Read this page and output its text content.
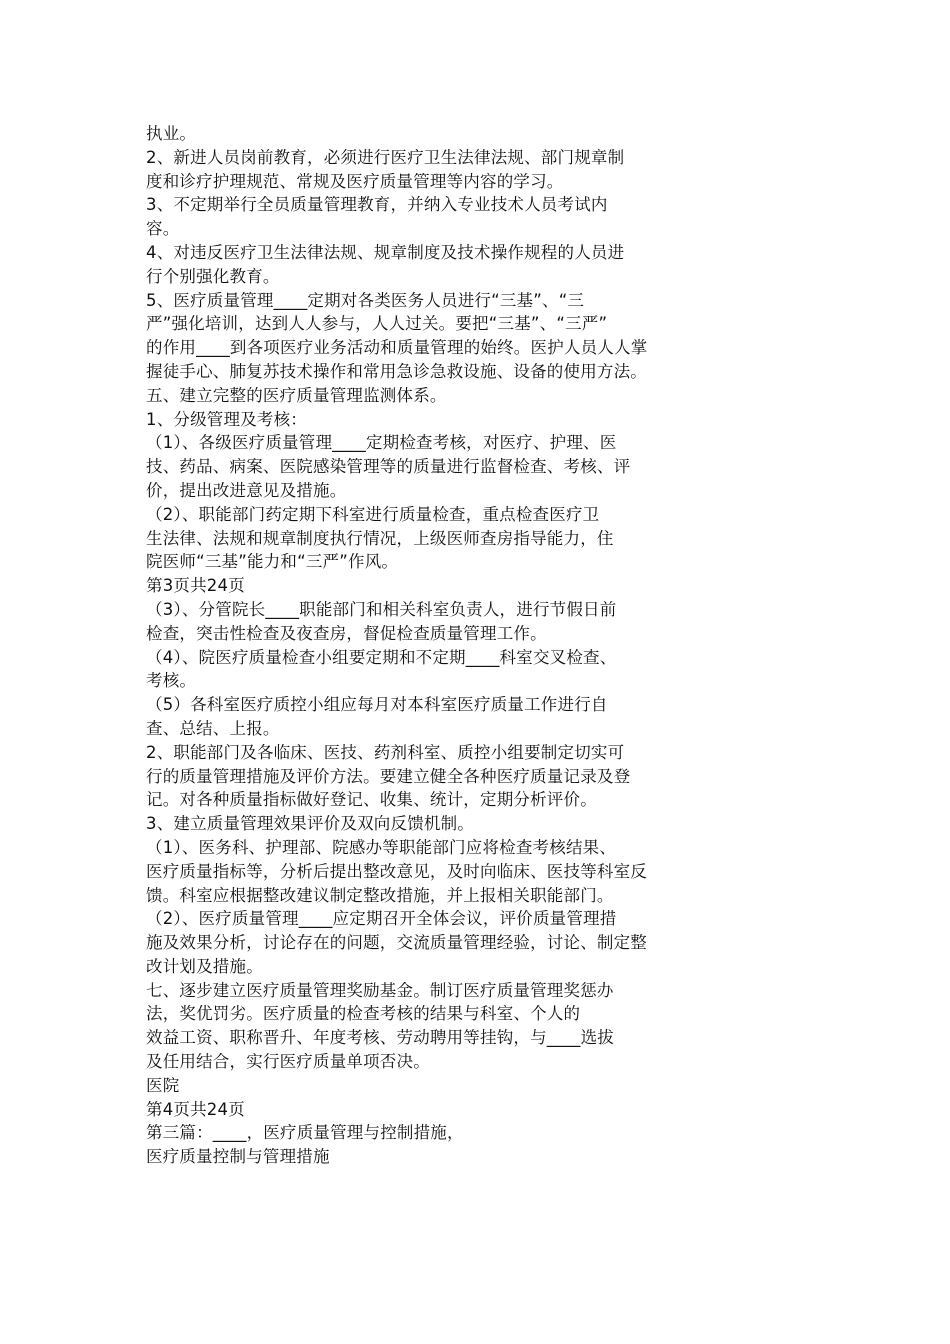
执业。
2、新进人员岗前教育，必须进行医疗卫生法律法规、部门规章制
度和诊疗护理规范、常规及医疗质量管理等内容的学习。
3、不定期举行全员质量管理教育，并纳入专业技术人员考试内
容。
4、对违反医疗卫生法律法规、规章制度及技术操作规程的人员进
行个别强化教育。
5、医疗质量管理____定期对各类医务人员进行“三基”、“三
严”强化培训，达到人人参与，人人过关。要把“三基”、“三严”
的作用____到各项医疗业务活动和质量管理的始终。医护人员人人掌
握徒手心、肺复苏技术操作和常用急诊急救设施、设备的使用方法。
五、建立完整的医疗质量管理监测体系。
1、分级管理及考核：
（1）、各级医疗质量管理____定期检查考核，对医疗、护理、医
技、药品、病案、医院感染管理等的质量进行监督检查、考核、评
价，提出改进意见及措施。
（2）、职能部门药定期下科室进行质量检查，重点检查医疗卫
生法律、法规和规章制度执行情况，上级医师查房指导能力，住
院医师“三基”能力和“三严”作风。
第3页共24页
（3）、分管院长____职能部门和相关科室负责人，进行节假日前
检查，突击性检查及夜查房，督促检查质量管理工作。
（4）、院医疗质量检查小组要定期和不定期____科室交叉检查、
考核。
（5）各科室医疗质控小组应每月对本科室医疗质量工作进行自
查、总结、上报。
2、职能部门及各临床、医技、药剂科室、质控小组要制定切实可
行的质量管理措施及评价方法。要建立健全各种医疗质量记录及登
记。对各种质量指标做好登记、收集、统计，定期分析评价。
3、建立质量管理效果评价及双向反馈机制。
（1）、医务科、护理部、院感办等职能部门应将检查考核结果、
医疗质量指标等，分析后提出整改意见，及时向临床、医技等科室反
馈。科室应根据整改建议制定整改措施，并上报相关职能部门。
（2）、医疗质量管理____应定期召开全体会议，评价质量管理措
施及效果分析，讨论存在的问题，交流质量管理经验，讨论、制定整
改计划及措施。
七、逐步建立医疗质量管理奖励基金。制订医疗质量管理奖惩办
法，奖优罚劣。医疗质量的检查考核的结果与科室、个人的
效益工资、职称晋升、年度考核、劳动聘用等挂钩，与____选拔
及任用结合，实行医疗质量单项否决。
医院
第4页共24页
第三篇：____，医疗质量管理与控制措施，
医疗质量控制与管理措施
